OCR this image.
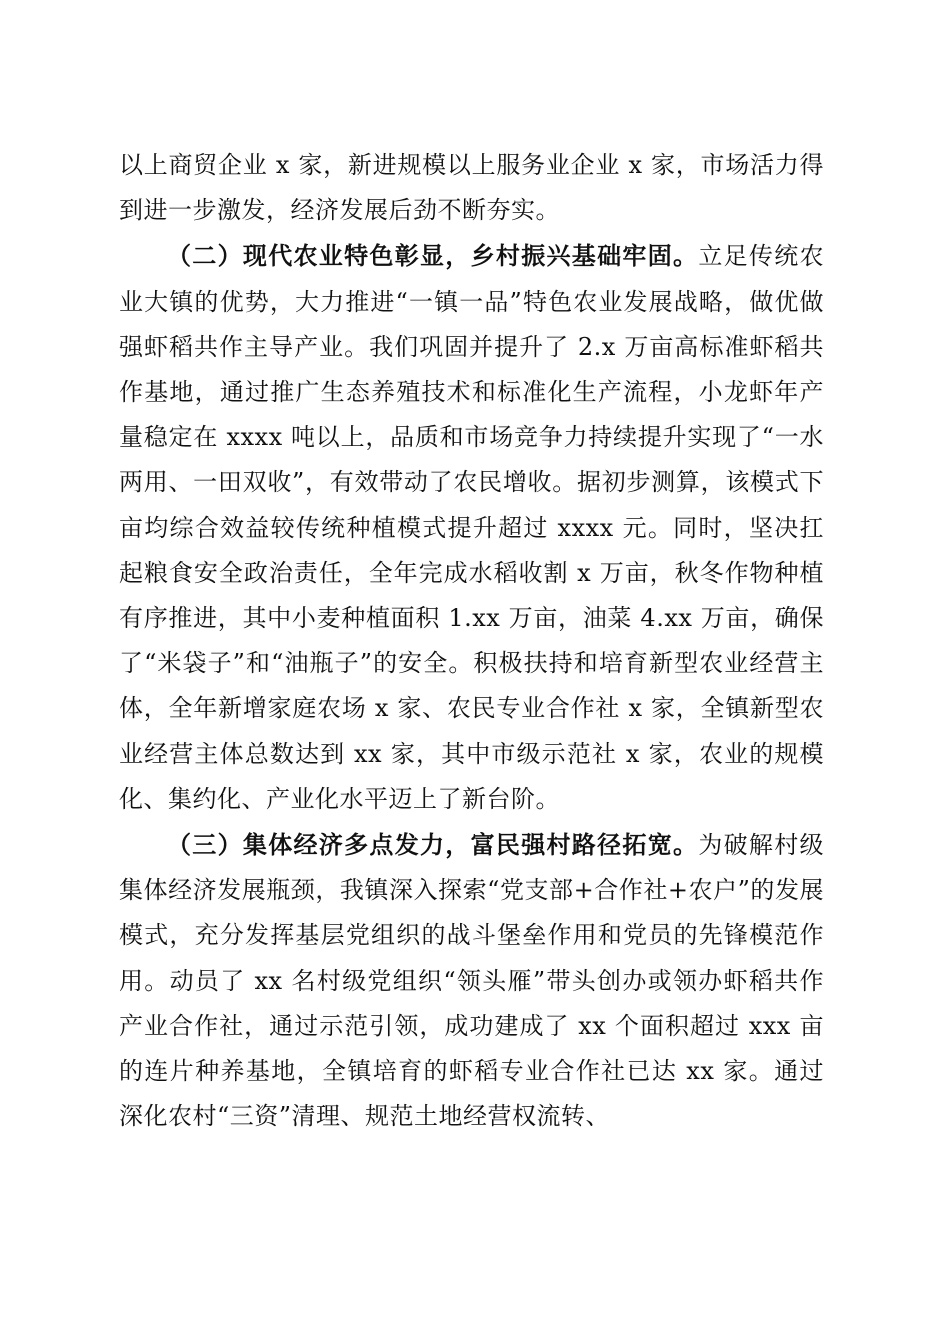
以上商贸企业 x 家，新进规模以上服务业企业 x 家，市场活力得到进一步激发，经济发展后劲不断夯实。

（二）现代农业特色彰显，乡村振兴基础牢固。立足传统农业大镇的优势，大力推进“一镇一品”特色农业发展战略，做优做强虾稻共作主导产业。我们巩固并提升了 2.x 万亩高标准虾稻共作基地，通过推广生态养殖技术和标准化生产流程，小龙虾年产量稳定在 xxxx 吨以上，品质和市场竞争力持续提升实现了“一水两用、一田双收”，有效带动了农民增收。据初步测算，该模式下亩均综合效益较传统种植模式提升超过 xxxx 元。同时，坚决扛起粮食安全政治责任，全年完成水稻收割 x 万亩，秋冬作物种植有序推进，其中小麦种植面积 1.xx 万亩，油菜 4.xx 万亩，确保了“米袋子”和“油瓶子”的安全。积极扶持和培育新型农业经营主体，全年新增家庭农场 x 家、农民专业合作社 x 家，全镇新型农业经营主体总数达到 xx 家，其中市级示范社 x 家，农业的规模化、集约化、产业化水平迈上了新台阶。

（三）集体经济多点发力，富民强村路径拓宽。为破解村级集体经济发展瓶颈，我镇深入探索“党支部+合作社+农户”的发展模式，充分发挥基层党组织的战斗堡垒作用和党员的先锋模范作用。动员了 xx 名村级党组织“领头雁”带头创办或领办虾稻共作产业合作社，通过示范引领，成功建成了 xx 个面积超过 xxx 亩的连片种养基地，全镇培育的虾稻专业合作社已达 xx 家。通过深化农村“三资”清理、规范土地经营权流转、
